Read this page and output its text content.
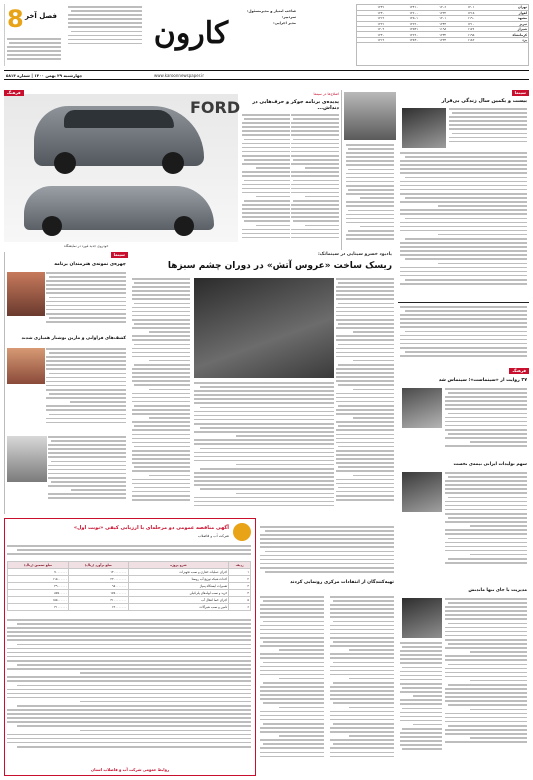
8 فصل آخر	کارون
صاحب امتیاز و مدیرمسئول:
سردبیر:
مدیر اجرایی:
تهران	۱۲۰۱	۱۲۰۶	۱۲۴۱۰	۱۲۳۱
اهواز	۱۲۱۵	۱۲۲۲	۱۲۶۰۰	۱۲۴۰
مشهد	۱۱۹۰	۱۲۰۱	۱۲۵۰۱	۱۲۱۲
تبریز	۱۲۱۰	۱۲۴۴	۱۲۶۲۰	۱۲۲۱
شیراز	۱۱۷۶	۱۱۹۸	۱۲۵۴۱	۱۲۰۹
کرمانشاه	۱۱۹۵	۱۲۳۲	۱۲۶۹۰	۱۲۴۰
یزد	۱۱۸۲	۱۲۲۴	۱۲۸۳۰	۱۲۱۹
چهارشنبه ۲۹ بهمن ۱۴۰۰ | شماره ۵۸۱۴	www.karoonnewspaper.ir
FORD
خودروی جدید فورد در نمایشگاه
فرهنگ	اصلاح‌ها در سینما
پدیده‌ی برنامه جوکر و حرف‌هایی در دنداش...
سینما
بیست و یکمین سال زندگی بی‌قرار
یادبود خسرو سینایی در سینماتک:
ریسک ساخت «عروس آتش» در دوران چشم سبزها
سینما
چهره‌ی نمونه‌ی هنرمندان برنامه
کشف‌های فراوانی و مارین نوشتار همبازی شدند
فرهنگ
۲۷ روایت از «سینماست»؛ سینماس شد
سهم تولیدات ایرانی نیمه‌ی نخست
مدیریت با جای تنها ماندنش
تهیه‌کنندگان از انتقادات مرکزی رونمایی کردند
آگهی مناقصه عمومی دو مرحله‌ای با ارزیابی کیفی «نوبت اول»
شرکت آب و فاضلاب
ردیف	شرح پروژه	مبلغ برآورد (ریال)	مبلغ تضمین (ریال)
۱	اجرای عملیات حفاری و نصب تجهیزات	۱۴۰۰۰۰۰۰۰۰	۷۰۰۰۰۰۰۰
۲	احداث شبکه توزیع آب روستا	۲۳۰۰۰۰۰۰۰۰	۱۱۵۰۰۰۰۰۰
۳	تعمیرات ایستگاه پمپاژ	۹۸۰۰۰۰۰۰۰	۴۹۰۰۰۰۰۰
۴	خرید و نصب لوله‌های پلی‌اتیلن	۱۷۵۰۰۰۰۰۰۰	۸۷۵۰۰۰۰۰
۵	اجرای خط انتقال آب	۳۱۰۰۰۰۰۰۰۰	۱۵۵۰۰۰۰۰۰
۶	تامین و نصب شیرآلات	۶۲۰۰۰۰۰۰۰	۳۱۰۰۰۰۰۰
روابط عمومی شرکت آب و فاضلاب استان
